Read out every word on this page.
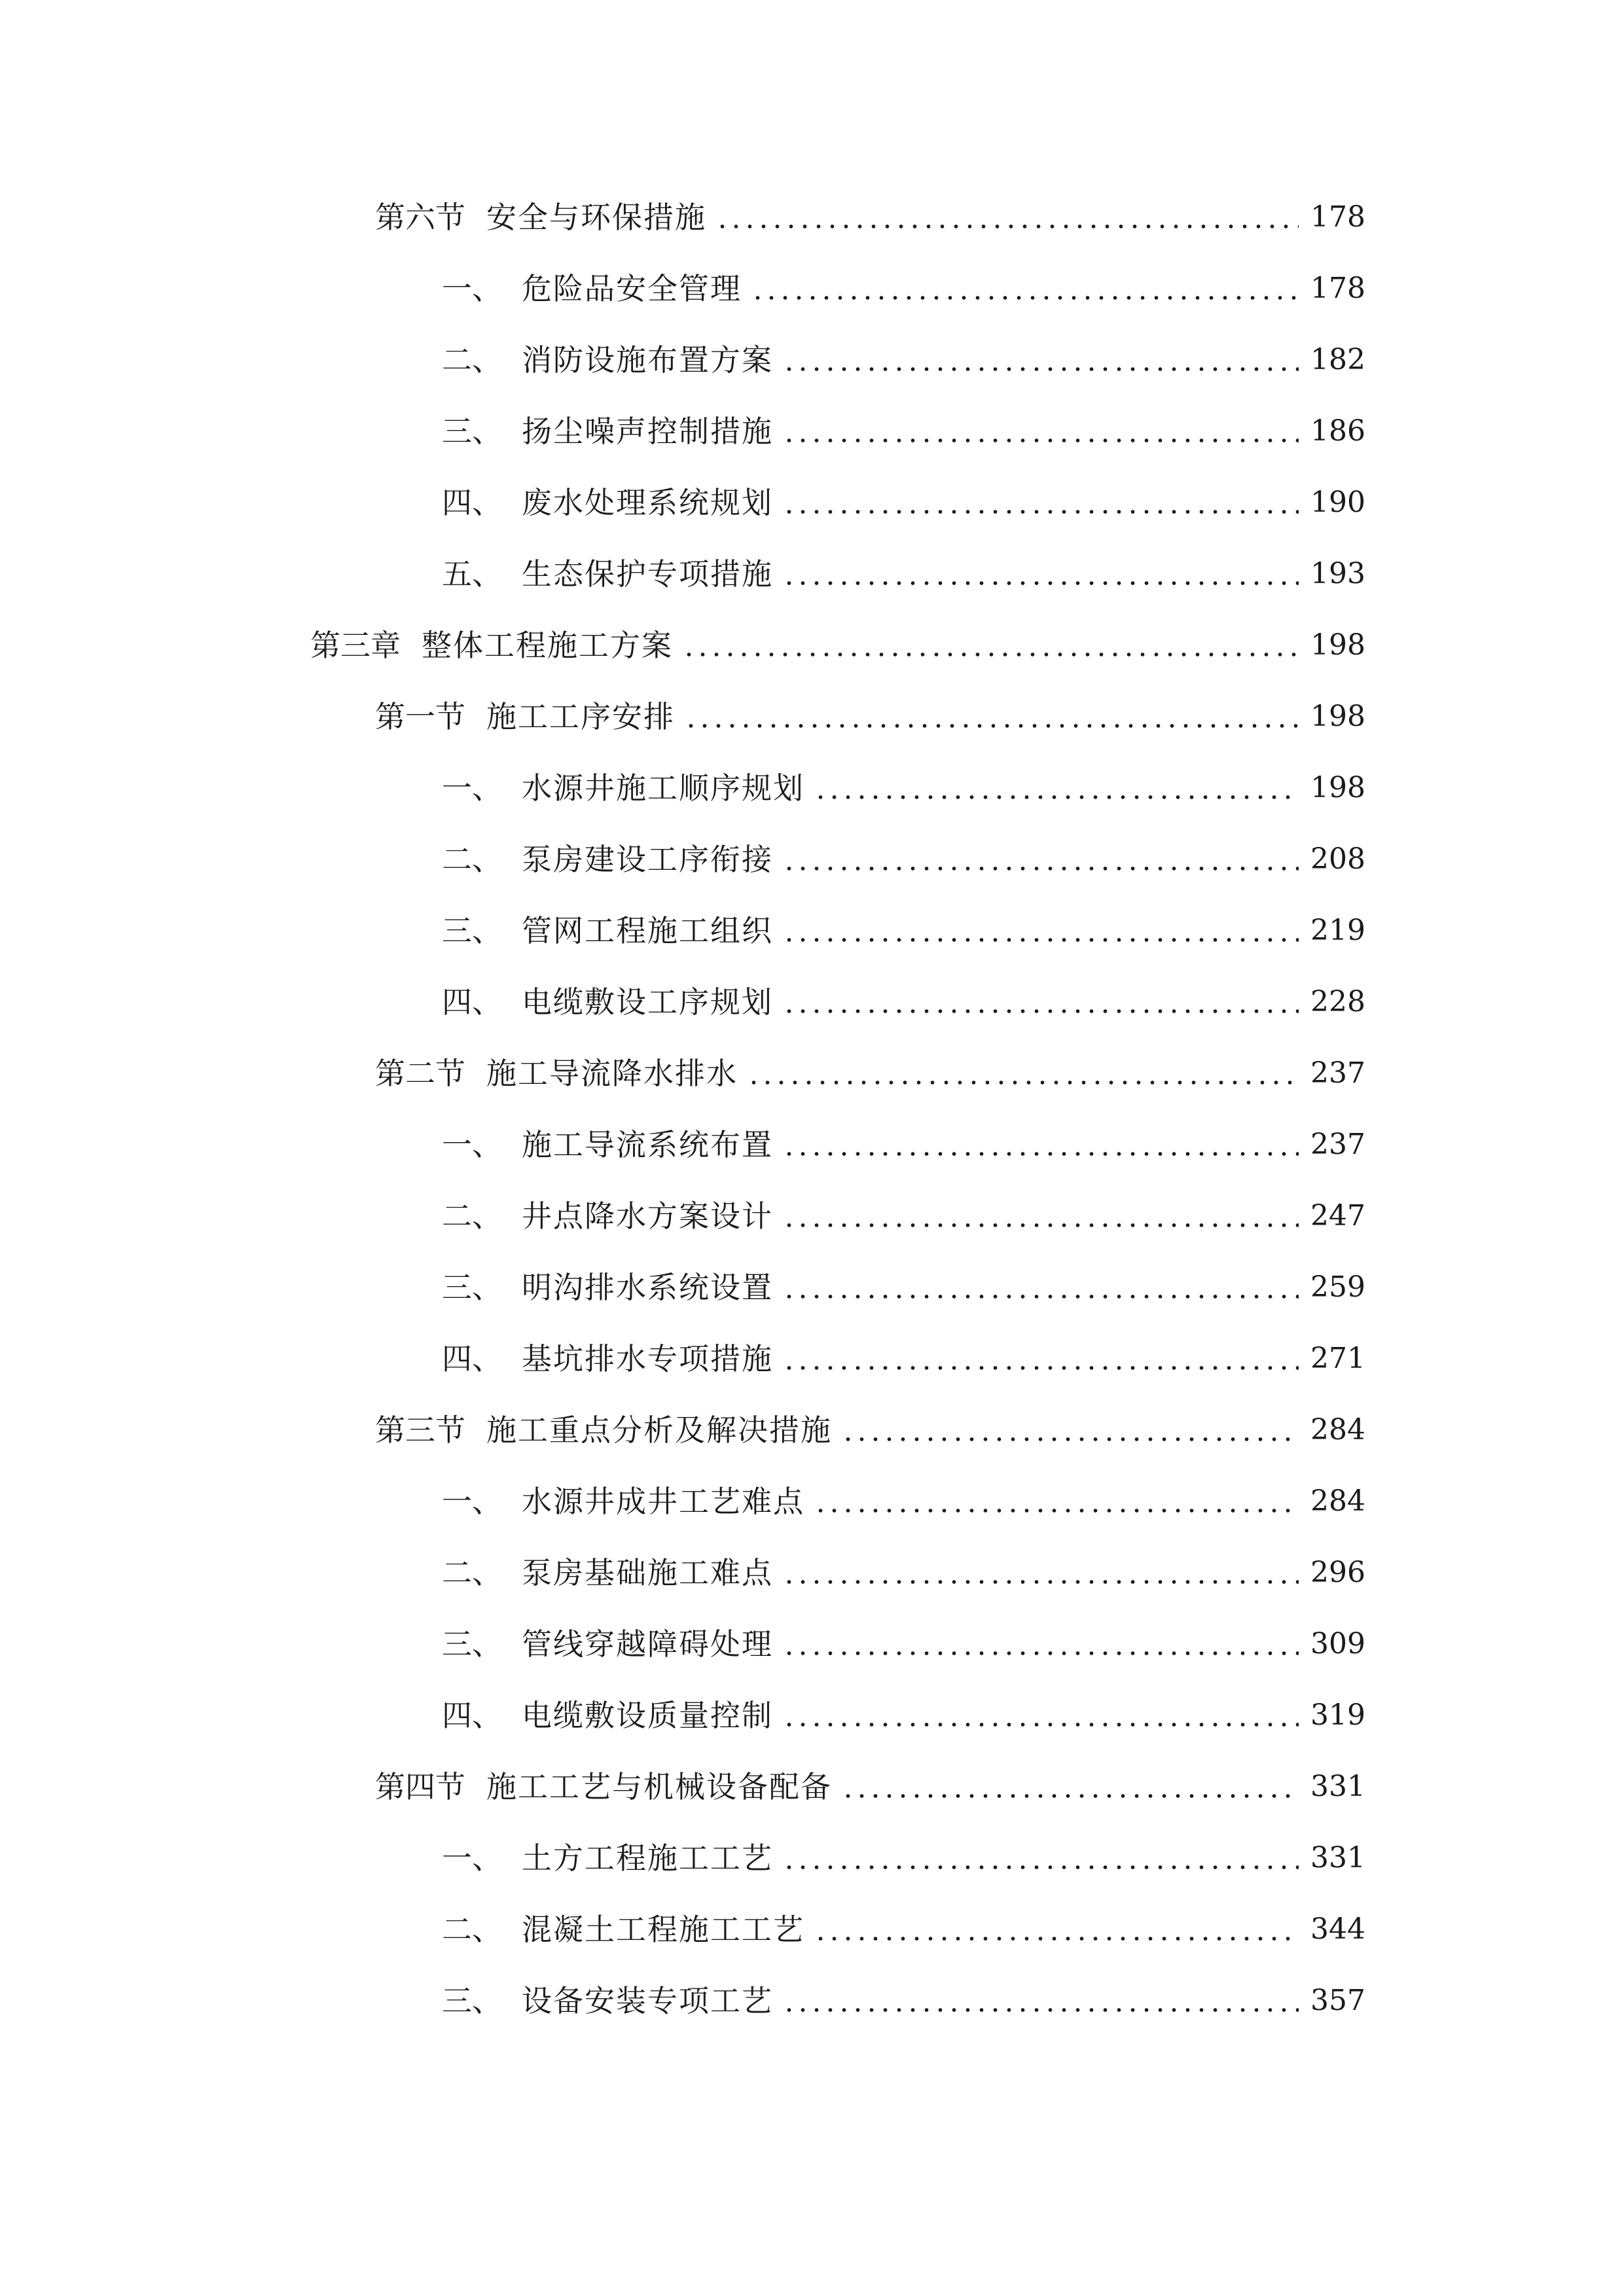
第六节 安全与环保措施	178
一、 危险品安全管理	178
二、 消防设施布置方案	182
三、 扬尘噪声控制措施	186
四、 废水处理系统规划	190
五、 生态保护专项措施	193
第三章 整体工程施工方案	198
第一节 施工工序安排	198
一、 水源井施工顺序规划	198
二、 泵房建设工序衔接	208
三、 管网工程施工组织	219
四、 电缆敷设工序规划	228
第二节 施工导流降水排水	237
一、 施工导流系统布置	237
二、 井点降水方案设计	247
三、 明沟排水系统设置	259
四、 基坑排水专项措施	271
第三节 施工重点分析及解决措施	284
一、 水源井成井工艺难点	284
二、 泵房基础施工难点	296
三、 管线穿越障碍处理	309
四、 电缆敷设质量控制	319
第四节 施工工艺与机械设备配备	331
一、 土方工程施工工艺	331
二、 混凝土工程施工工艺	344
三、 设备安装专项工艺	357
